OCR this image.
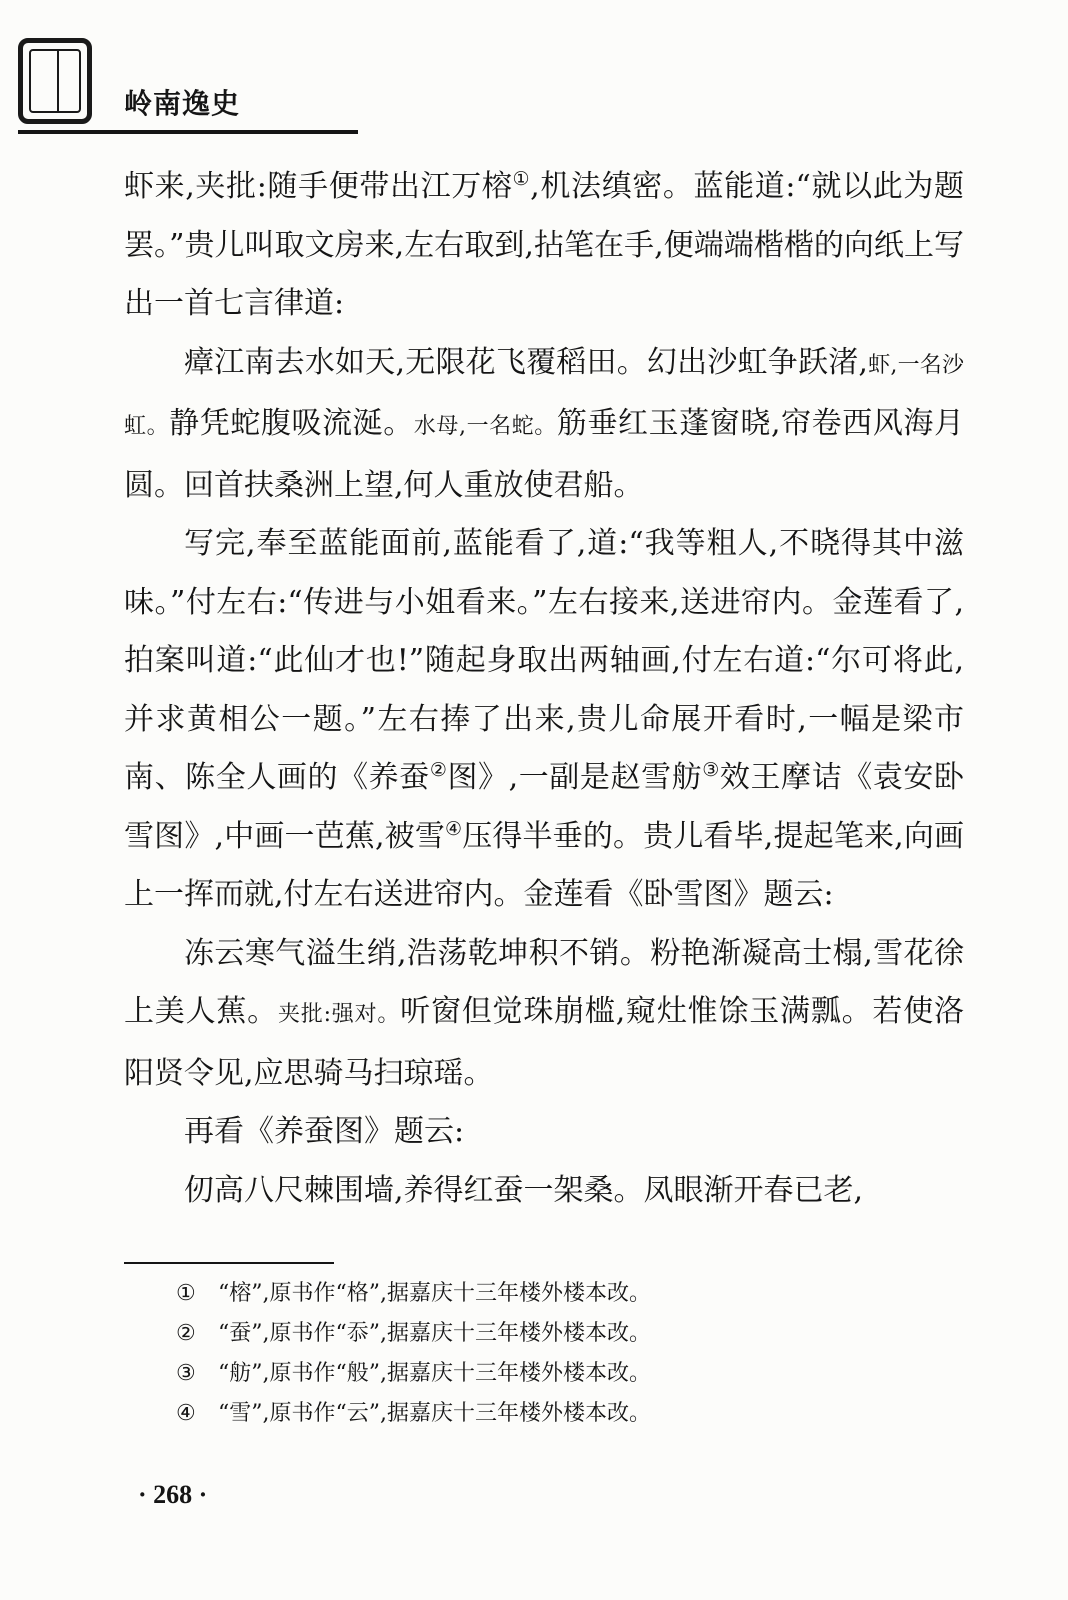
岭南逸史

虾来,夹批:随手便带出江万榕①,机法缜密。蓝能道:“就以此为题罢。”贵儿叫取文房来,左右取到,拈笔在手,便端端楷楷的向纸上写出一首七言律道:

瘴江南去水如天,无限花飞覆稻田。幻出沙虹争跃渚,虾,一名沙虹。静凭蛇腹吸流涎。水母,一名蛇。筋垂红玉蓬窗晓,帘卷西风海月圆。回首扶桑洲上望,何人重放使君船。

写完,奉至蓝能面前,蓝能看了,道:“我等粗人,不晓得其中滋味。”付左右:“传进与小姐看来。”左右接来,送进帘内。金莲看了,拍案叫道:“此仙才也!”随起身取出两轴画,付左右道:“尔可将此,并求黄相公一题。”左右捧了出来,贵儿命展开看时,一幅是梁市南、陈全人画的《养蚕②图》,一副是赵雪舫③效王摩诘《袁安卧雪图》,中画一芭蕉,被雪④压得半垂的。贵儿看毕,提起笔来,向画上一挥而就,付左右送进帘内。金莲看《卧雪图》题云:

冻云寒气溢生绡,浩荡乾坤积不销。粉艳渐凝高士榻,雪花徐上美人蕉。夹批:强对。听窗但觉珠崩槛,窥灶惟馀玉满瓢。若使洛阳贤令见,应思骑马扫琼瑶。

再看《养蚕图》题云:

仞高八尺棘围墙,养得红蚕一架桑。凤眼渐开春已老,

① “榕”,原书作“格”,据嘉庆十三年楼外楼本改。
② “蚕”,原书作“忝”,据嘉庆十三年楼外楼本改。
③ “舫”,原书作“般”,据嘉庆十三年楼外楼本改。
④ “雪”,原书作“云”,据嘉庆十三年楼外楼本改。
· 268 ·
